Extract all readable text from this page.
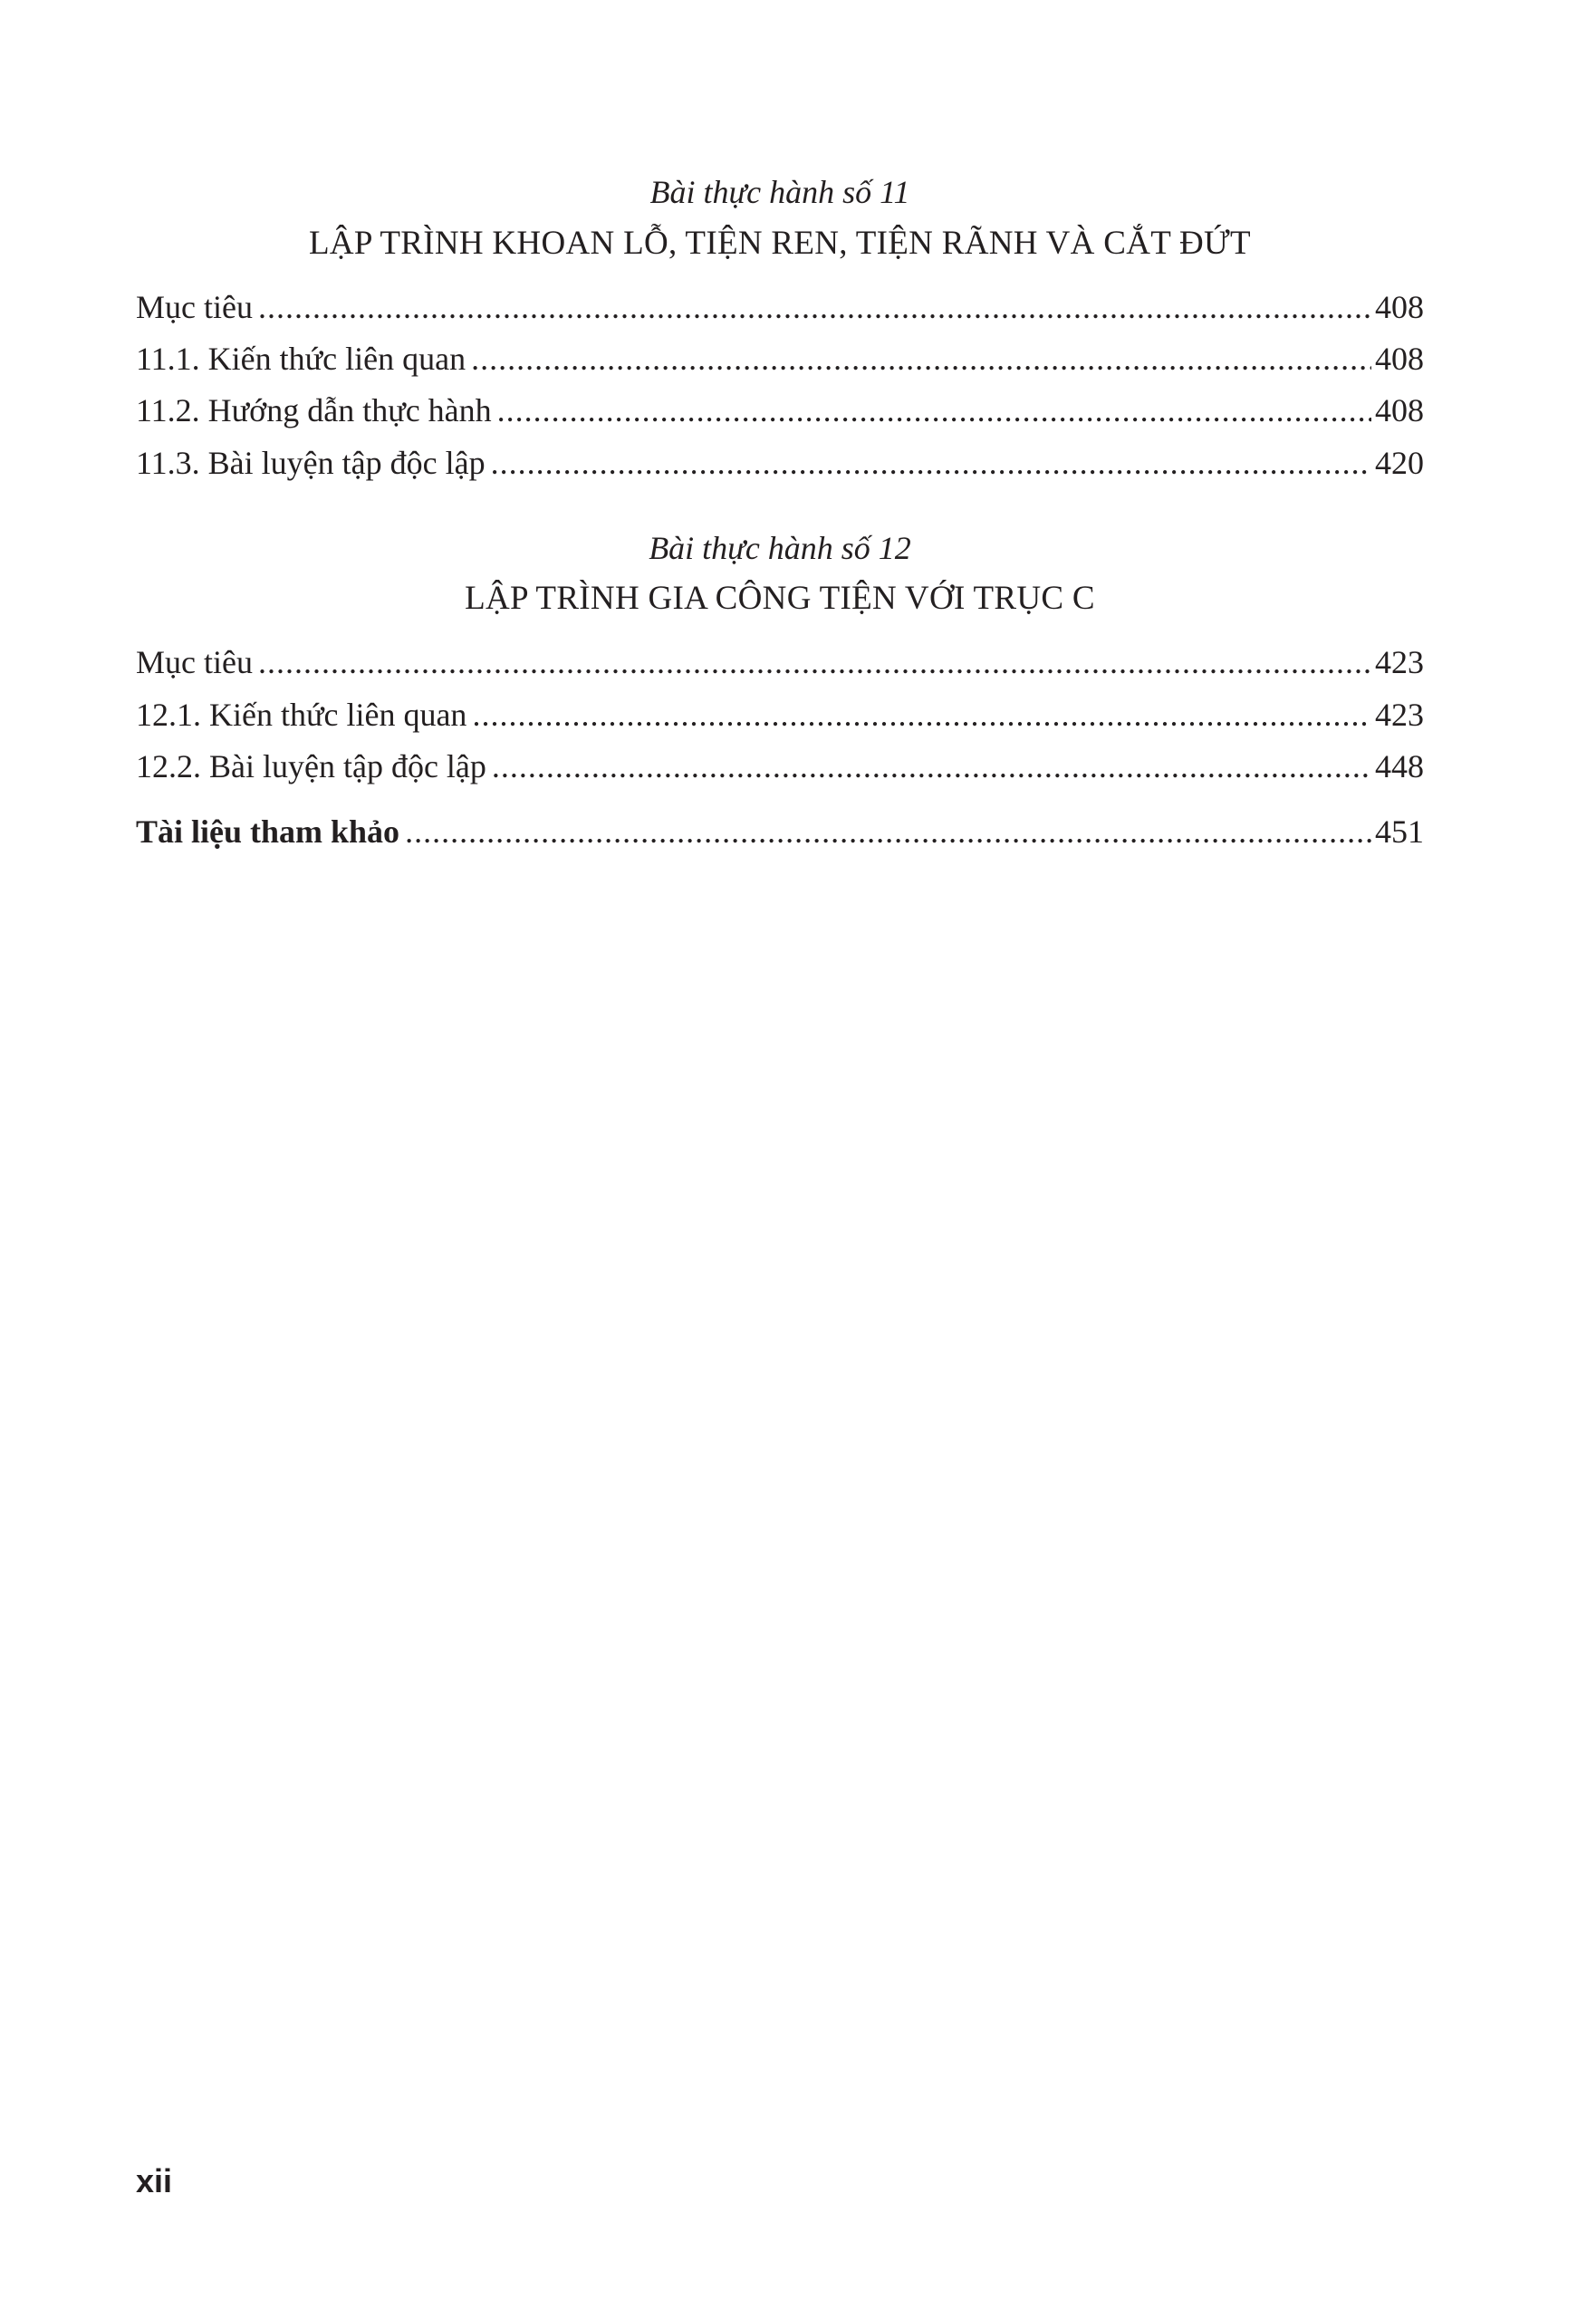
Bài thực hành số 11
LẬP TRÌNH KHOAN LỖ, TIỆN REN, TIỆN RÃNH VÀ CẮT ĐỨT
Mục tiêu .....	408
11.1. Kiến thức liên quan .....	408
11.2. Hướng dẫn thực hành .....	408
11.3. Bài luyện tập độc lập .....	420
Bài thực hành số 12
LẬP TRÌNH GIA CÔNG TIỆN VỚI TRỤC C
Mục tiêu .....	423
12.1. Kiến thức liên quan .....	423
12.2. Bài luyện tập độc lập .....	448
Tài liệu tham khảo .....	451
xii
